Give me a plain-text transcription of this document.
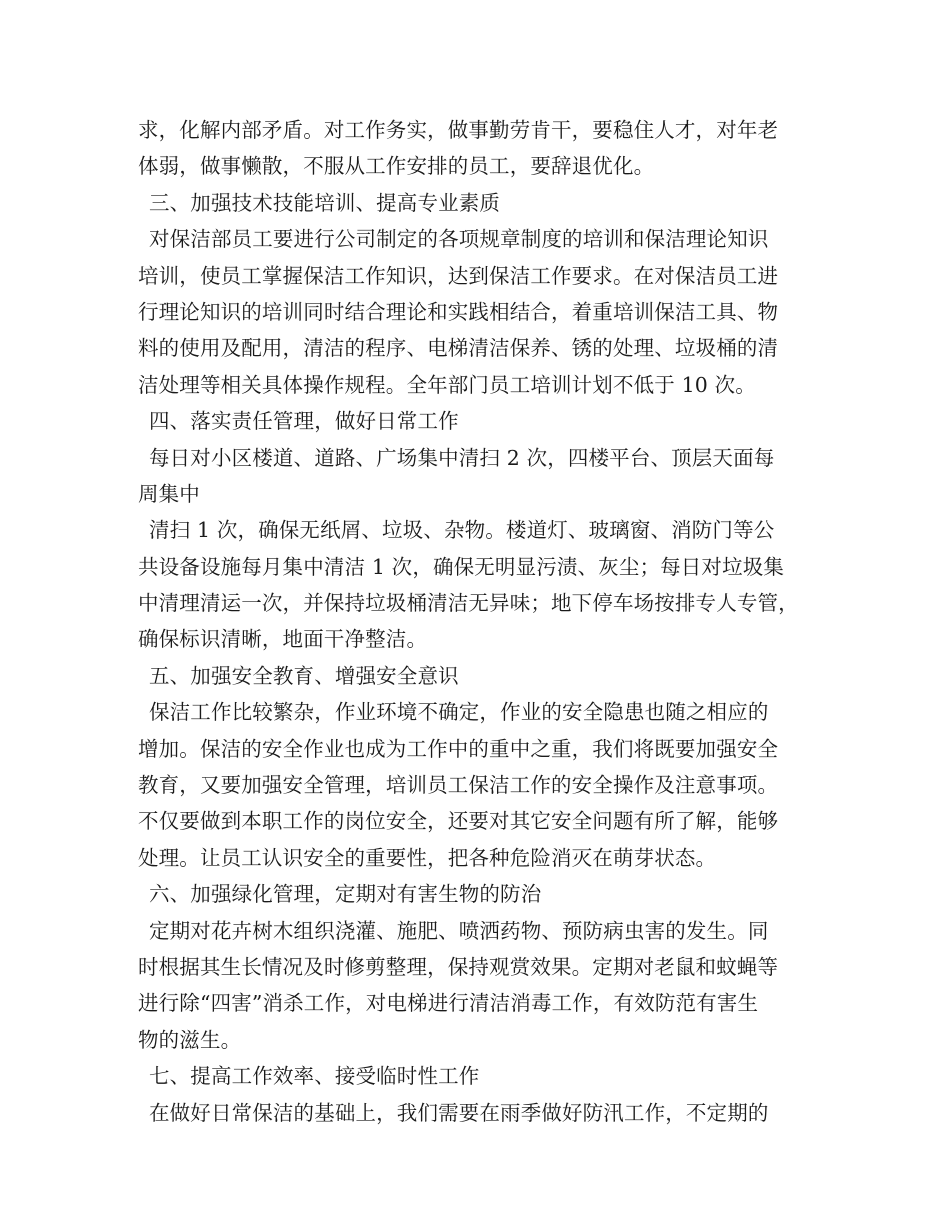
求，化解内部矛盾。对工作务实，做事勤劳肯干，要稳住人才，对年老
体弱，做事懒散，不服从工作安排的员工，要辞退优化。
三、加强技术技能培训、提高专业素质
对保洁部员工要进行公司制定的各项规章制度的培训和保洁理论知识
培训，使员工掌握保洁工作知识，达到保洁工作要求。在对保洁员工进
行理论知识的培训同时结合理论和实践相结合，着重培训保洁工具、物
料的使用及配用，清洁的程序、电梯清洁保养、锈的处理、垃圾桶的清
洁处理等相关具体操作规程。全年部门员工培训计划不低于 10 次。
四、落实责任管理，做好日常工作
每日对小区楼道、道路、广场集中清扫 2 次，四楼平台、顶层天面每
周集中
清扫 1 次，确保无纸屑、垃圾、杂物。楼道灯、玻璃窗、消防门等公
共设备设施每月集中清洁 1 次，确保无明显污渍、灰尘；每日对垃圾集
中清理清运一次，并保持垃圾桶清洁无异味；地下停车场按排专人专管，
确保标识清晰，地面干净整洁。
五、加强安全教育、增强安全意识
保洁工作比较繁杂，作业环境不确定，作业的安全隐患也随之相应的
增加。保洁的安全作业也成为工作中的重中之重，我们将既要加强安全
教育，又要加强安全管理，培训员工保洁工作的安全操作及注意事项。
不仅要做到本职工作的岗位安全，还要对其它安全问题有所了解，能够
处理。让员工认识安全的重要性，把各种危险消灭在萌芽状态。
六、加强绿化管理，定期对有害生物的防治
定期对花卉树木组织浇灌、施肥、喷洒药物、预防病虫害的发生。同
时根据其生长情况及时修剪整理，保持观赏效果。定期对老鼠和蚊蝇等
进行除“四害”消杀工作，对电梯进行清洁消毒工作，有效防范有害生
物的滋生。
七、提高工作效率、接受临时性工作
在做好日常保洁的基础上，我们需要在雨季做好防汛工作，不定期的
